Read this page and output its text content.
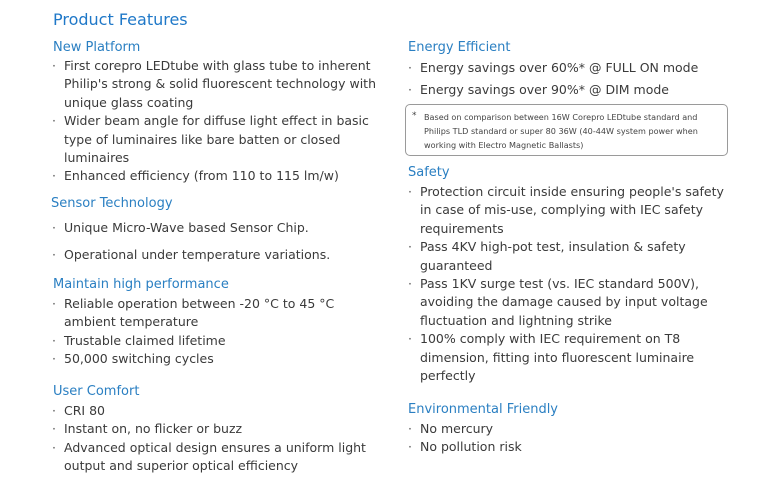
Product Features
New Platform
· First corepro LEDtube with glass tube to inherent Philip's strong & solid fluorescent technology with unique glass coating
· Wider beam angle for diffuse light effect in basic type of luminaires like bare batten or closed luminaires
· Enhanced efficiency (from 110 to 115 lm/w)
Sensor Technology
· Unique Micro-Wave based Sensor Chip.
· Operational under temperature variations.
Maintain high performance
· Reliable operation between -20 °C to 45 °C ambient temperature
· Trustable claimed lifetime
· 50,000 switching cycles
User Comfort
· CRI 80
· Instant on, no flicker or buzz
· Advanced optical design ensures a uniform light output and superior optical efficiency
Energy Efficient
· Energy savings over 60%* @ FULL ON mode
· Energy savings over 90%* @ DIM mode
* Based on comparison between 16W Corepro LEDtube standard and Philips TLD standard or super 80 36W (40-44W system power when working with Electro Magnetic Ballasts)
Safety
· Protection circuit inside ensuring people's safety in case of mis-use, complying with IEC safety requirements
· Pass 4KV high-pot test, insulation & safety guaranteed
· Pass 1KV surge test (vs. IEC standard 500V), avoiding the damage caused by input voltage fluctuation and lightning strike
· 100% comply with IEC requirement on T8 dimension, fitting into fluorescent luminaire perfectly
Environmental Friendly
· No mercury
· No pollution risk
